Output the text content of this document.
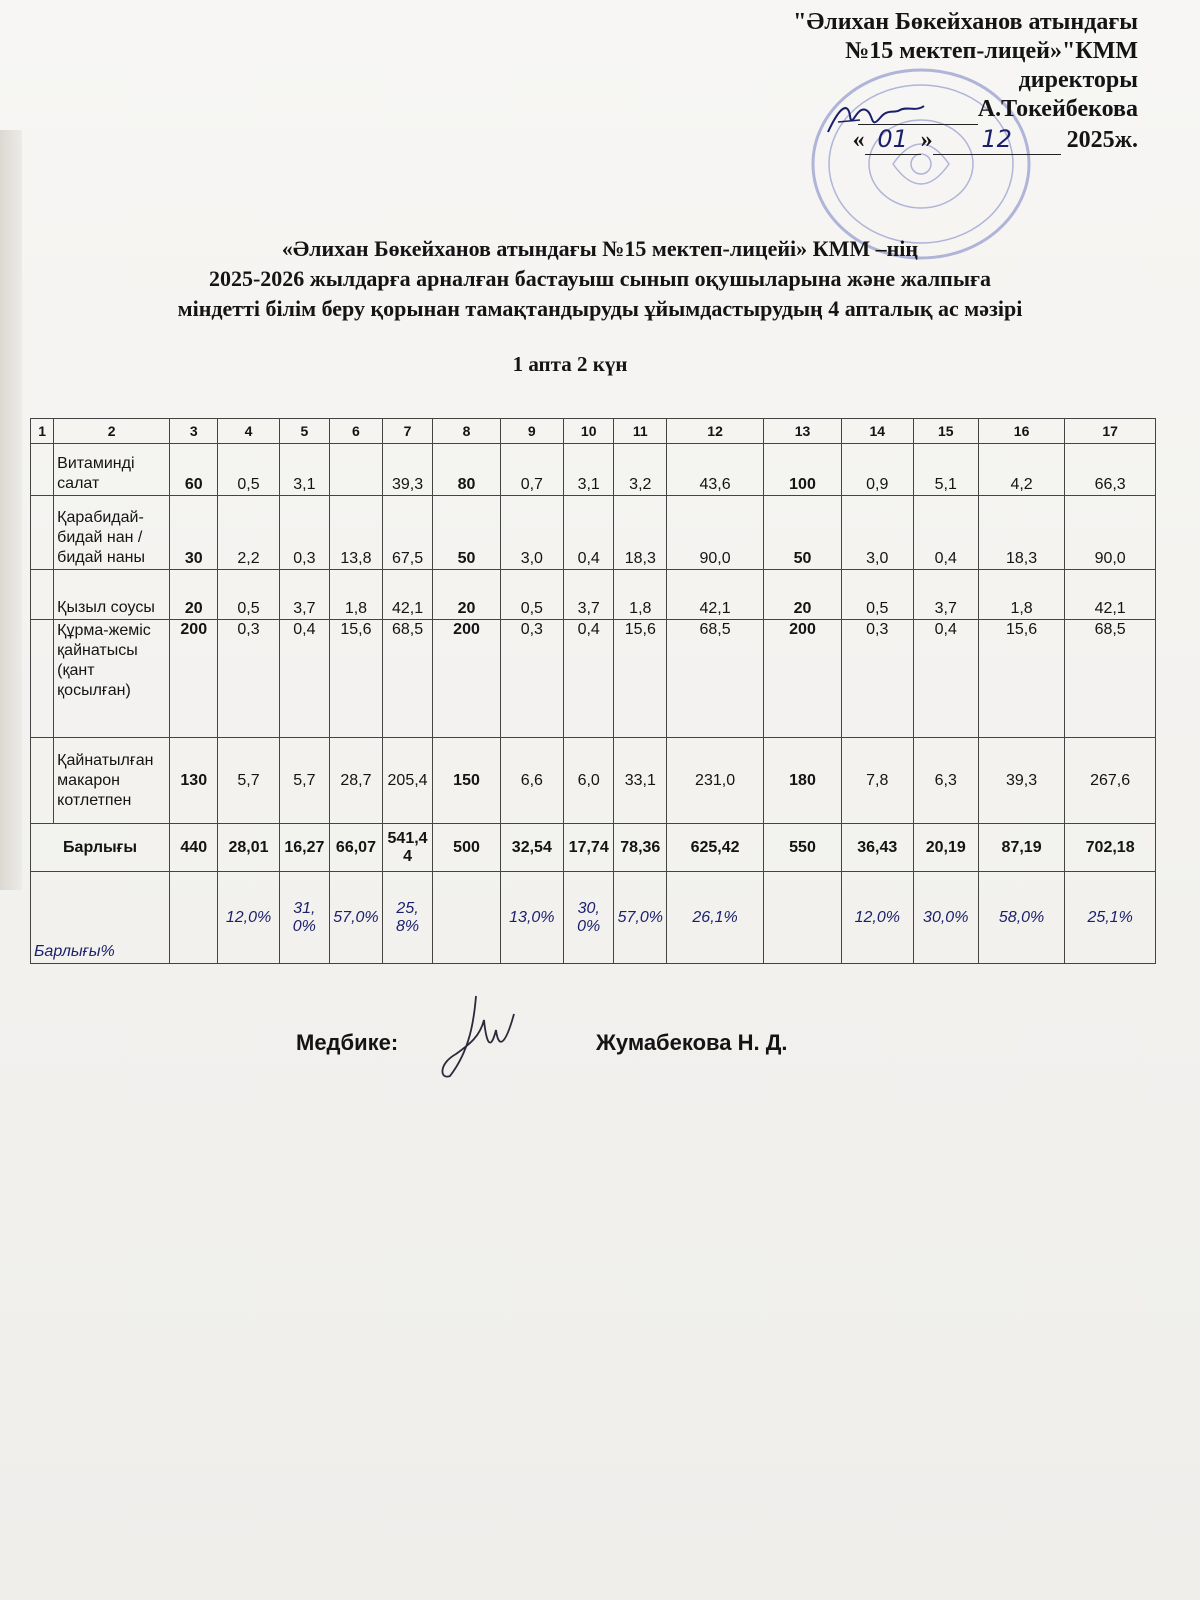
"Әлихан Бөкейханов атындағы
№15 мектеп-лицей»"КММ
директоры
А.Токейбекова
« 01 » 12 2025ж.
«Әлихан Бөкейханов атындағы №15 мектеп-лицейі» КММ –нің
2025-2026 жылдарға арналған бастауыш сынып оқушыларына және жалпыға
міндетті білім беру қорынан тамақтандыруды ұйымдастырудың 4 апталық ас мәзірі
1 апта 2 күн
1	2	3	4	5	6	7	8	9	10	11	12	13	14	15	16	17
	Витаминді салат	60	0,5	3,1		39,3	80	0,7	3,1	3,2	43,6	100	0,9	5,1	4,2	66,3
	Қарабидай-бидай нан / бидай наны	30	2,2	0,3	13,8	67,5	50	3,0	0,4	18,3	90,0	50	3,0	0,4	18,3	90,0
	Қызыл соусы	20	0,5	3,7	1,8	42,1	20	0,5	3,7	1,8	42,1	20	0,5	3,7	1,8	42,1
	Құрма-жеміс қайнатысы (қант қосылған)	200	0,3	0,4	15,6	68,5	200	0,3	0,4	15,6	68,5	200	0,3	0,4	15,6	68,5
	Қайнатылған макарон котлетпен	130	5,7	5,7	28,7	205,4	150	6,6	6,0	33,1	231,0	180	7,8	6,3	39,3	267,6
Барлығы		440	28,01	16,27	66,07	541,44	500	32,54	17,74	78,36	625,42	550	36,43	20,19	87,19	702,18
Барлығы%			12,0%	31,0%	57,0%	25,8%		13,0%	30,0%	57,0%	26,1%		12,0%	30,0%	58,0%	25,1%
Медбике:	Жумабекова Н. Д.
